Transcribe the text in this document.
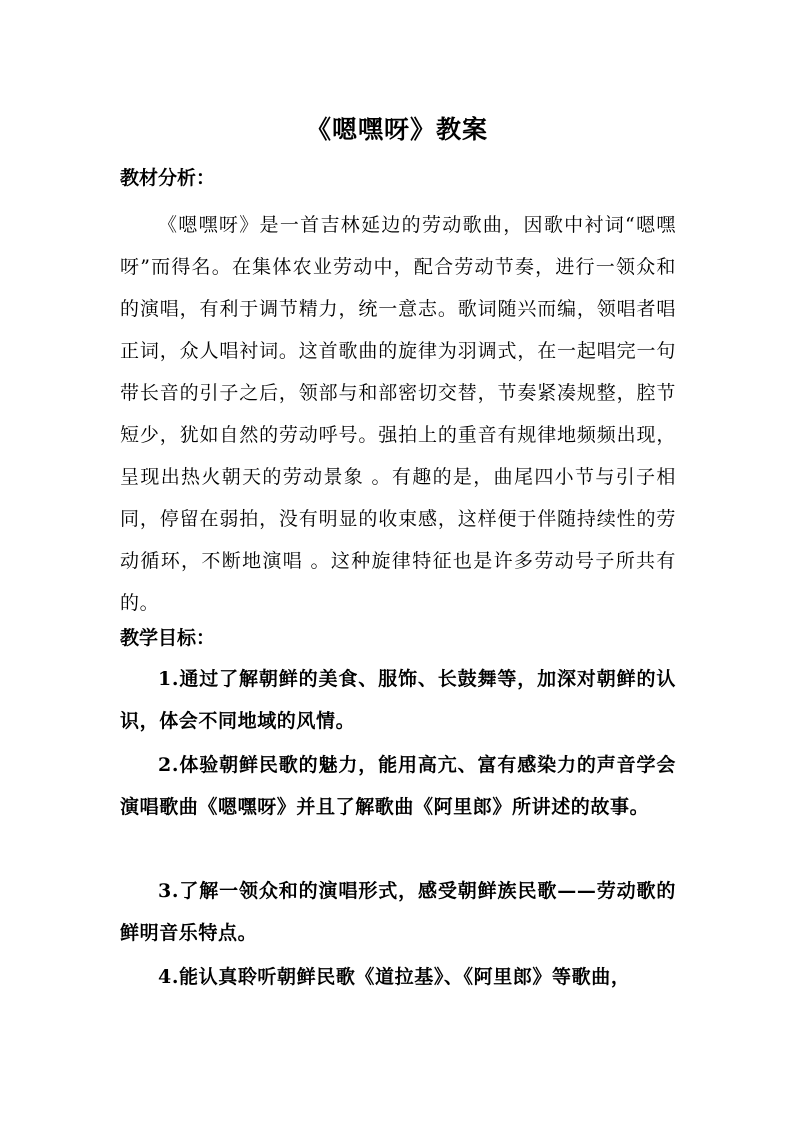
《嗯嘿呀》教案
教材分析：

《嗯嘿呀》是一首吉林延边的劳动歌曲，因歌中衬词“嗯嘿呀”而得名。在集体农业劳动中，配合劳动节奏，进行一领众和的演唱，有利于调节精力，统一意志。歌词随兴而编，领唱者唱正词，众人唱衬词。这首歌曲的旋律为羽调式，在一起唱完一句带长音的引子之后，领部与和部密切交替，节奏紧凑规整，腔节短少，犹如自然的劳动呼号。强拍上的重音有规律地频频出现，呈现出热火朝天的劳动景象 。有趣的是，曲尾四小节与引子相同，停留在弱拍，没有明显的收束感，这样便于伴随持续性的劳动循环，不断地演唱 。这种旋律特征也是许多劳动号子所共有的。

教学目标：

1.通过了解朝鲜的美食、服饰、长鼓舞等，加深对朝鲜的认识，体会不同地域的风情。

2.体验朝鲜民歌的魅力，能用高亢、富有感染力的声音学会演唱歌曲《嗯嘿呀》并且了解歌曲《阿里郎》所讲述的故事。

3.了解一领众和的演唱形式，感受朝鲜族民歌——劳动歌的鲜明音乐特点。

4.能认真聆听朝鲜民歌《道拉基》、《阿里郎》等歌曲，
